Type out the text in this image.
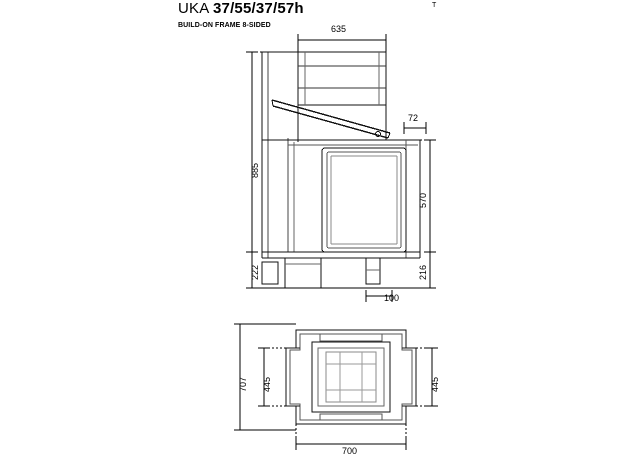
UKA 37/55/37/57h
BUILD-ON FRAME 8-SIDED
T
635
885
222
72
570
216
100
707 445	445
700
